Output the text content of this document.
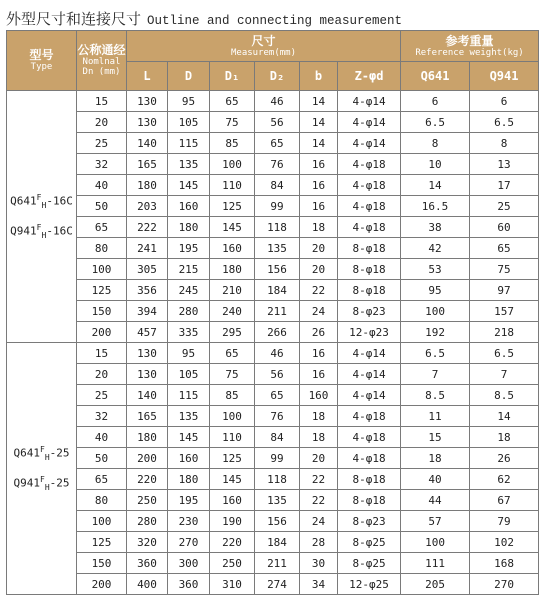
外型尺寸和连接尺寸 Outline and connecting measurement
型号
Type	公称通经
Nomlnal
Dn (mm)	尺寸
Measurem(mm)						参考重量
Reference weight(kg)	

		L	D	D₁	D₂	b	Z-φd	Q641	Q941

$Q641^F_H-16C$
$Q941^F_H-16C$	15	130	95	65	46	14	4-φ14	6	6
	20	130	105	75	56	14	4-φ14	6.5	6.5
	25	140	115	85	65	14	4-φ14	8	8
	32	165	135	100	76	16	4-φ18	10	13
	40	180	145	110	84	16	4-φ18	14	17
	50	203	160	125	99	16	4-φ18	16.5	25
	65	222	180	145	118	18	4-φ18	38	60
	80	241	195	160	135	20	8-φ18	42	65
	100	305	215	180	156	20	8-φ18	53	75
	125	356	245	210	184	22	8-φ18	95	97
	150	394	280	240	211	24	8-φ23	100	157
	200	457	335	295	266	26	12-φ23	192	218

$Q641^F_H-25$
$Q941^F_H-25$	15	130	95	65	46	16	4-φ14	6.5	6.5
	20	130	105	75	56	16	4-φ14	7	7
	25	140	115	85	65	160	4-φ14	8.5	8.5
	32	165	135	100	76	18	4-φ18	11	14
	40	180	145	110	84	18	4-φ18	15	18
	50	200	160	125	99	20	4-φ18	18	26
	65	220	180	145	118	22	8-φ18	40	62
	80	250	195	160	135	22	8-φ18	44	67
	100	280	230	190	156	24	8-φ23	57	79
	125	320	270	220	184	28	8-φ25	100	102
	150	360	300	250	211	30	8-φ25	111	168
	200	400	360	310	274	34	12-φ25	205	270
